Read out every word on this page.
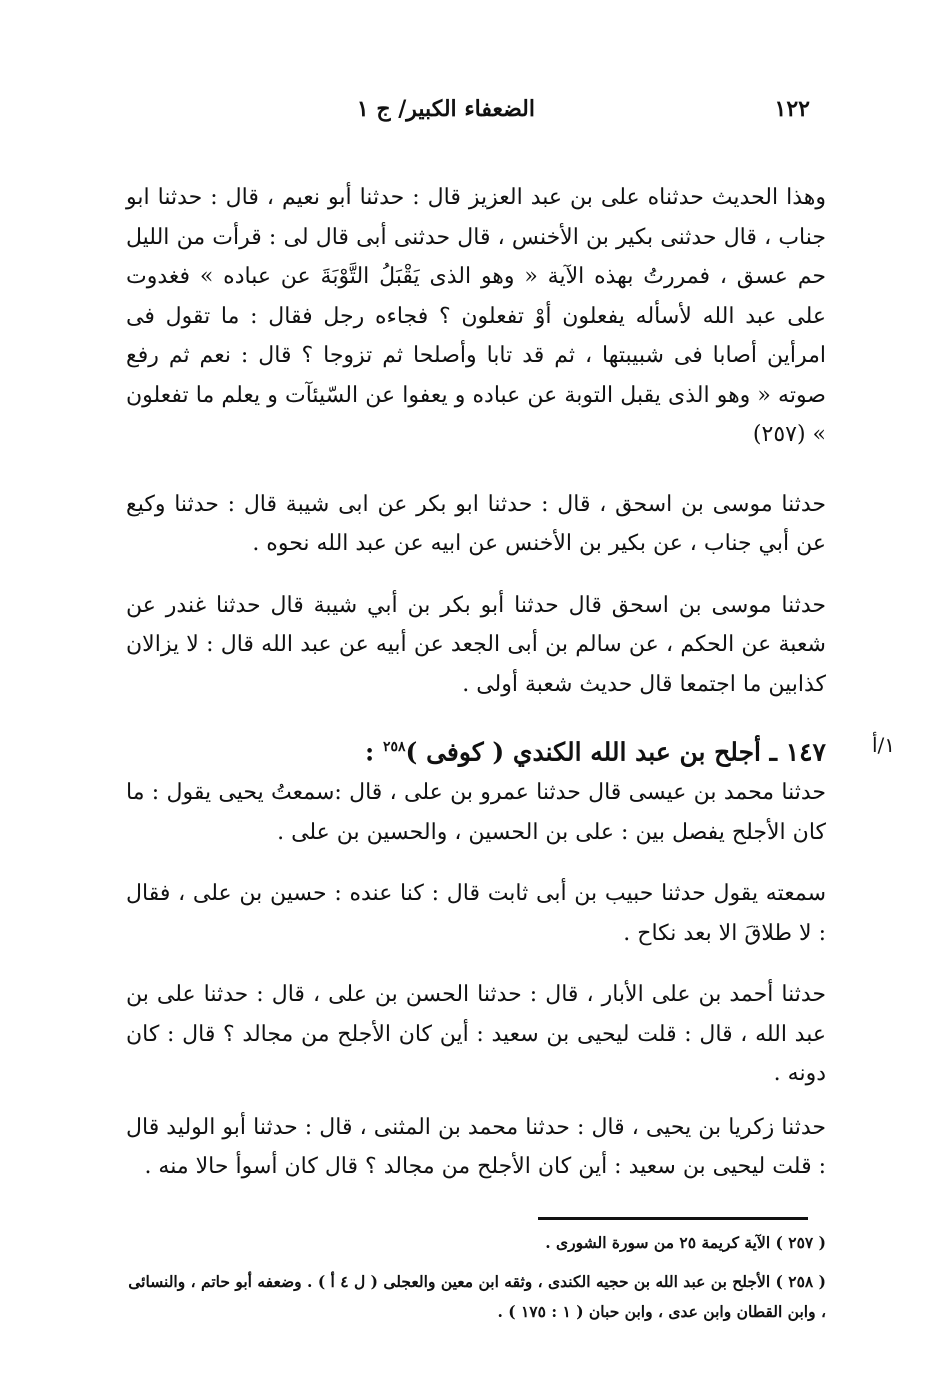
١٢٢
الضعفاء الكبير/ ج ١
١/أ

وهذا الحديث حدثناه على بن عبد العزيز قال : حدثنا أبو نعيم ، قال : حدثنا ابو جناب ، قال حدثنى بكير بن الأخنس ، قال حدثنى أبى قال لى : قرأت من الليل حم عسق ، فمررتُ بهذه الآية « وهو الذى يَقْبَلُ التَّوْبَةَ عن عباده » فغدوت على عبد الله لأسأله يفعلون أوْ تفعلون ؟ فجاءه رجل فقال : ما تقول فى امرأين أصابا فى شبيبتها ، ثم قد تابا وأصلحا ثم تزوجا ؟ قال : نعم ثم رفع صوته « وهو الذى يقبل التوبة عن عباده و يعفوا عن السّيئآت و يعلم ما تفعلون » (٢٥٧)

حدثنا موسى بن اسحق ، قال : حدثنا ابو بكر عن ابى شيبة قال : حدثنا وكيع عن أبي جناب ، عن بكير بن الأخنس عن ابيه عن عبد الله نحوه .

حدثنا موسى بن اسحق قال حدثنا أبو بكر بن أبي شيبة قال حدثنا غندر عن شعبة عن الحكم ، عن سالم بن أبى الجعد عن أبيه عن عبد الله قال : لا يزالان كذابين ما اجتمعا قال حديث شعبة أولى .

١٤٧ ـ أجلح بن عبد الله الكندي ( كوفى )$^{٢٥٨}$ :

حدثنا محمد بن عيسى قال حدثنا عمرو بن على ، قال :سمعتُ يحيى يقول : ما كان الأجلح يفصل بين : على بن الحسين ، والحسين بن على .

سمعته يقول حدثنا حبيب بن أبى ثابت قال : كنا عنده : حسين بن على ، فقال : لا طلاقَ الا بعد نكاح .

حدثنا أحمد بن على الأبار ، قال : حدثنا الحسن بن على ، قال : حدثنا على بن عبد الله ، قال : قلت ليحيى بن سعيد : أين كان الأجلح من مجالد ؟ قال : كان دونه .

حدثنا زكريا بن يحيى ، قال : حدثنا محمد بن المثنى ، قال : حدثنا أبو الوليد قال : قلت ليحيى بن سعيد : أين كان الأجلح من مجالد ؟ قال كان أسوأ حالا منه .

( ٢٥٧ ) الآية كريمة ٢٥ من سورة الشورى .

( ٢٥٨ ) الأجلح بن عبد الله بن حجيه الكندى ، وثقه ابن معين والعجلى ( ل ٤ أ ) . وضعفه أبو حاتم ، والنسائى ، وابن القطان وابن عدى ، وابن حبان ( ١ : ١٧٥ ) .
